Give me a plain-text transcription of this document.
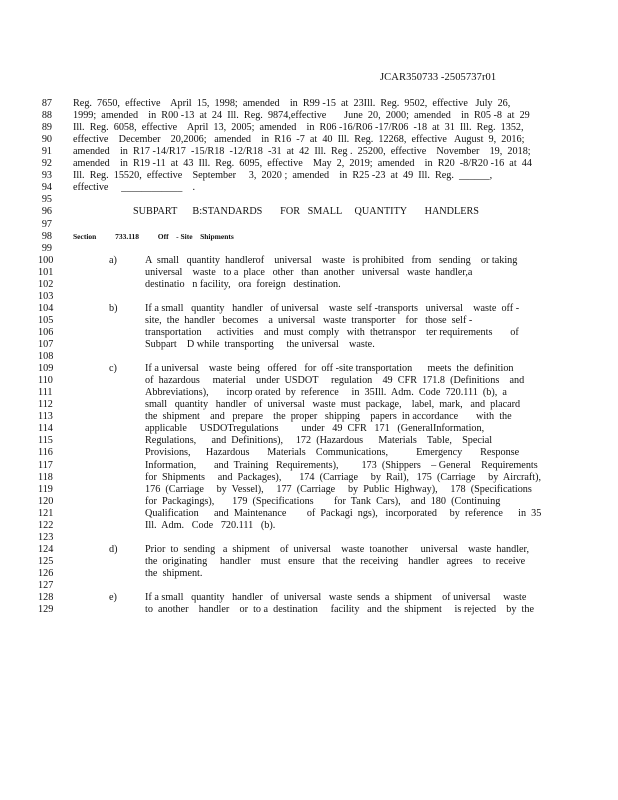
JCAR350733 -2505737r01
87 Reg.  7650,  effective    April  15,  1998;  amended    in  R99 -15  at  23Ill.  Reg.  9502,  effective   July  26,
88 1999;  amended    in  R00 -13  at  24  Ill.  Reg.  9874,effective       June  20,  2000;  amended    in  R05 -8  at  29
89 Ill.  Reg.  6058,  effective    April  13,  2005;  amended    in  R06 -16/R06 -17/R06  -18  at  31  Ill.  Reg.  1352,
90 effective    December    20,2006;   amended    in  R16  -7  at  40  Ill.  Reg.  12268,  effective   August  9,  2016;
91 amended    in  R17 -14/R17  -15/R18  -12/R18  -31  at  42  Ill.  Reg .  25200,  effective    November    19,  2018;
92 amended    in  R19 -11  at  43  Ill.  Reg.  6095,  effective    May  2,  2019;  amended    in  R20  -8/R20 -16  at  44
93 Ill.  Reg.  15520,  effective    September     3,  2020 ;  amended    in  R25 -23  at  49  Ill.  Reg.  ______,
94 effective     ____________    .
95
96	SUBPART      B:STANDARDS       FOR   SMALL     QUANTITY       HANDLERS
97
98	Section          733.118          Off    - Site    Shipments
99
100	a)	A  small   quantity  handlerof    universal    waste   is prohibited   from   sending    or taking
101	universal    waste   to a  place   other   than  another   universal   waste  handler,a
102	destinatio   n facility,   ora  foreign   destination.
103
104	b)	If a small   quantity   handler   of universal    waste  self -transports   universal    waste  off -
105	site,  the  handler   becomes    a  universal   waste  transporter    for   those  self -
106	transportation      activities    and  must  comply   with  thetranspor    ter requirements       of
107	Subpart    D while  transporting     the universal    waste.
108
109	c)	If a universal    waste  being   offered   for  off -site transportation      meets  the  definition
110	of  hazardous     material    under  USDOT     regulation    49  CFR  171.8  (Definitions    and
111	Abbreviations),       incorp orated  by  reference     in  35Ill.  Adm.  Code  720.111  (b),  a
112	small   quantity   handler   of  universal   waste  must  package,    label,  mark,   and  placard
113	the  shipment    and   prepare    the  proper   shipping    papers  in accordance       with  the
114	applicable     USDOTregulations         under   49  CFR   171   (GeneralInformation,
115	Regulations,      and  Definitions),     172  (Hazardous      Materials    Table,    Special
116	Provisions,      Hazardous       Materials    Communications,           Emergency       Response
117	Information,       and  Training   Requirements),         173  (Shippers    – General    Requirements
118	for  Shipments     and  Packages),       174  (Carriage     by  Rail),   175  (Carriage     by  Aircraft),
119	176  (Carriage     by  Vessel),     177  (Carriage     by  Public  Highway),     178  (Specifications
120	for  Packagings),       179  (Specifications        for  Tank  Cars),    and  180  (Continuing
121	Qualification      and  Maintenance        of  Packagi  ngs),   incorporated     by  reference      in  35
122	Ill.  Adm.   Code   720.111   (b).
123
124	d)	Prior  to  sending   a  shipment    of  universal    waste  toanother     universal    waste  handler,
125	the  originating     handler    must   ensure   that  the  receiving    handler   agrees    to  receive
126	the  shipment.
127
128	e)	If a small   quantity   handler   of  universal   waste  sends  a  shipment    of universal     waste
129	to  another    handler    or  to a  destination     facility   and  the  shipment     is rejected    by  the
